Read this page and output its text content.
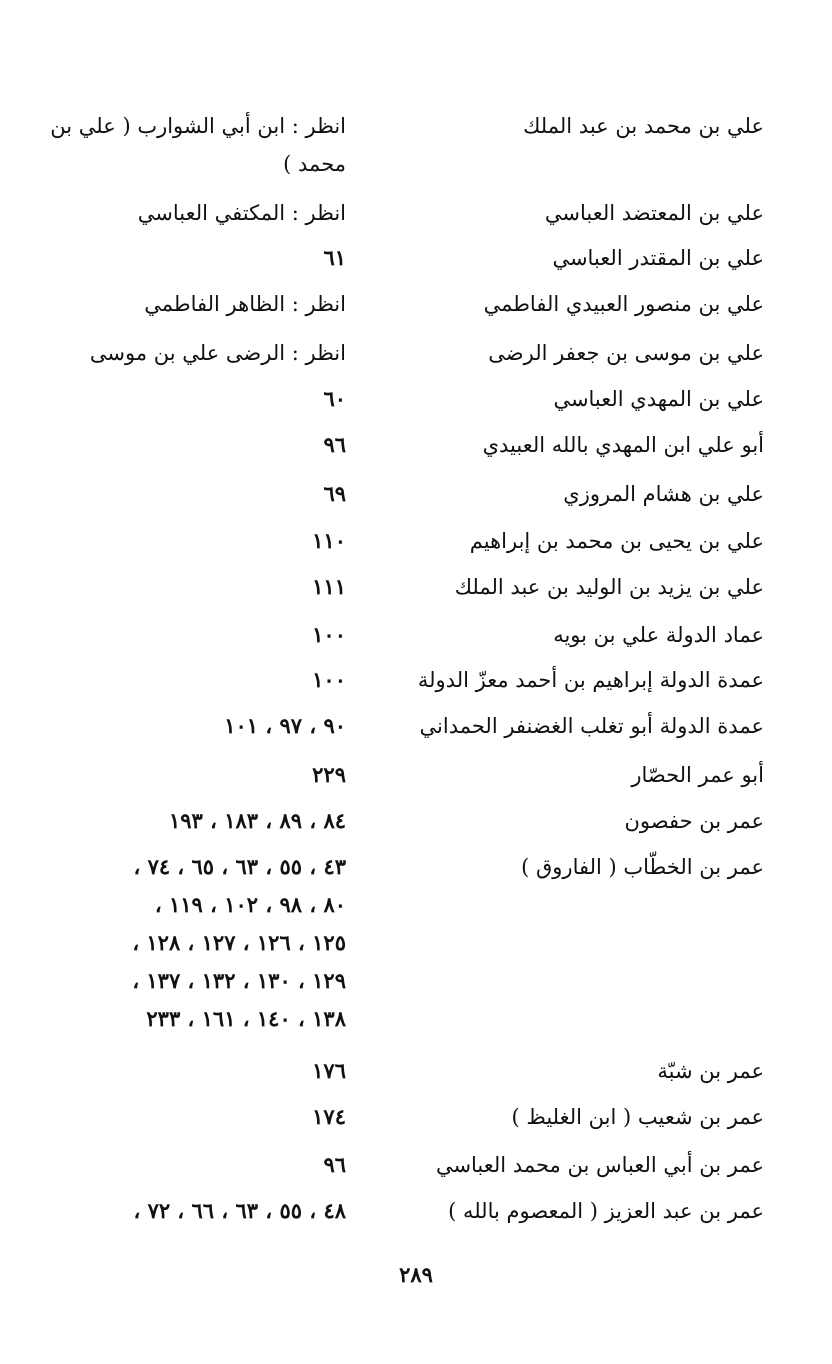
علي بن محمد بن عبد الملك
انظر : ابن أبي الشوارب ( علي بن
محمد )
علي بن المعتضد العباسي
انظر : المكتفي العباسي
علي بن المقتدر العباسي
٦١
علي بن منصور العبيدي الفاطمي
انظر : الظاهر الفاطمي
علي بن موسى بن جعفر الرضى
انظر : الرضى علي بن موسى
علي بن المهدي العباسي
٦٠
أبو علي ابن المهدي بالله العبيدي
٩٦
علي بن هشام المروزي
٦٩
علي بن يحيى بن محمد بن إبراهيم
١١٠
علي بن يزيد بن الوليد بن عبد الملك
١١١
عماد الدولة علي بن بويه
١٠٠
عمدة الدولة إبراهيم بن أحمد معزّ الدولة
١٠٠
عمدة الدولة أبو تغلب الغضنفر الحمداني
٩٠ ، ٩٧ ، ١٠١
أبو عمر الحصّار
٢٢٩
عمر بن حفصون
٨٤ ، ٨٩ ، ١٨٣ ، ١٩٣
عمر بن الخطّاب ( الفاروق )
٤٣ ، ٥٥ ، ٦٣ ، ٦٥ ، ٧٤ ،
٨٠ ، ٩٨ ، ١٠٢ ، ١١٩ ،
١٢٥ ، ١٢٦ ، ١٢٧ ، ١٢٨ ،
١٢٩ ، ١٣٠ ، ١٣٢ ، ١٣٧ ،
١٣٨ ، ١٤٠ ، ١٦١ ، ٢٣٣
عمر بن شبّة
١٧٦
عمر بن شعيب ( ابن الغليظ )
١٧٤
عمر بن أبي العباس بن محمد العباسي
٩٦
عمر بن عبد العزيز ( المعصوم بالله )
٤٨ ، ٥٥ ، ٦٣ ، ٦٦ ، ٧٢ ،
٢٨٩
